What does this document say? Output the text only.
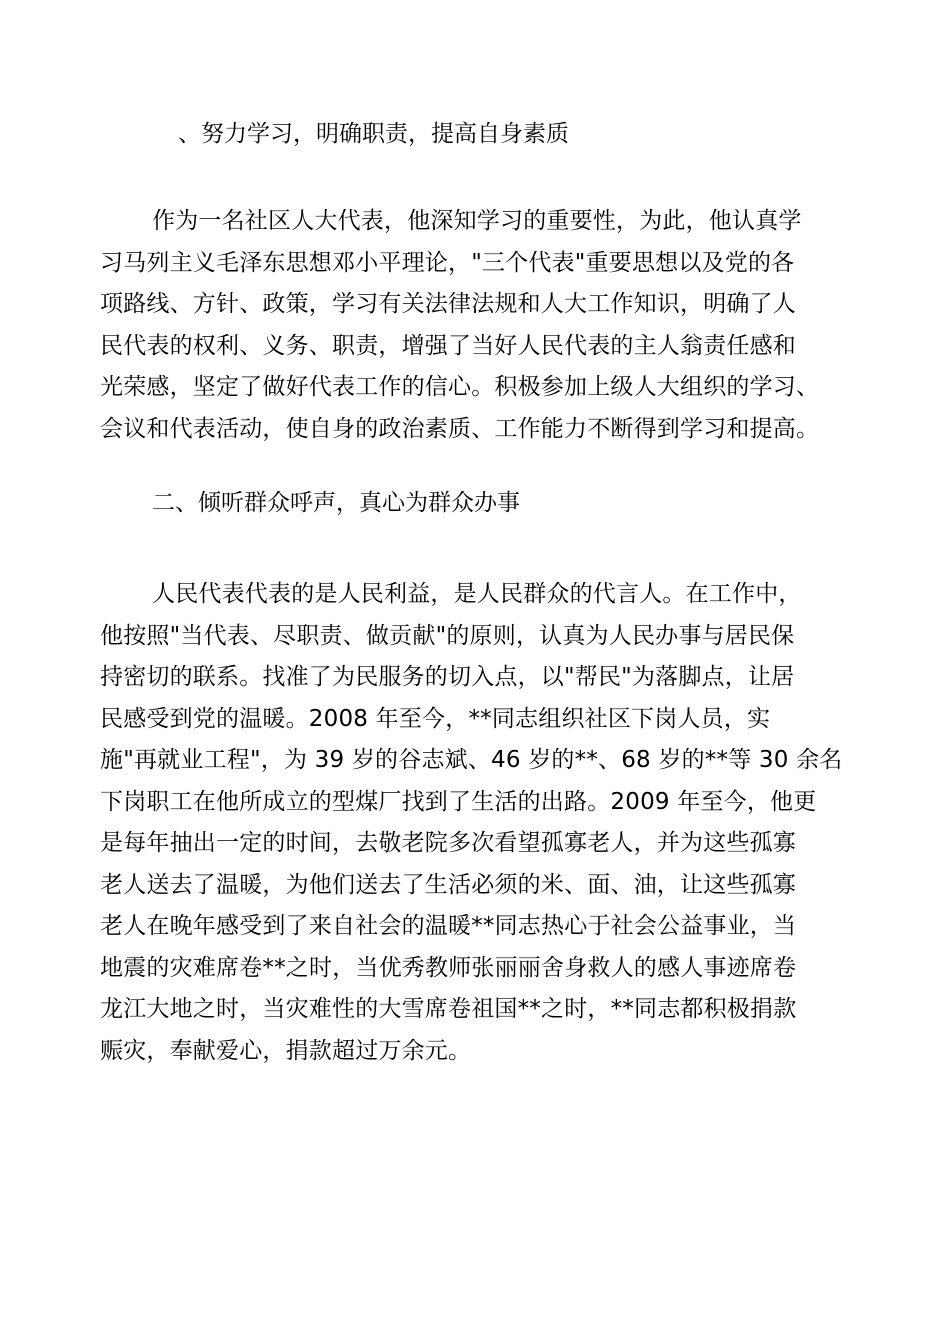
、努力学习，明确职责，提高自身素质
作为一名社区人大代表，他深知学习的重要性，为此，他认真学
习马列主义毛泽东思想邓小平理论，"三个代表"重要思想以及党的各
项路线、方针、政策，学习有关法律法规和人大工作知识，明确了人
民代表的权利、义务、职责，增强了当好人民代表的主人翁责任感和
光荣感，坚定了做好代表工作的信心。积极参加上级人大组织的学习、
会议和代表活动，使自身的政治素质、工作能力不断得到学习和提高。
二、倾听群众呼声，真心为群众办事
人民代表代表的是人民利益，是人民群众的代言人。在工作中，
他按照"当代表、尽职责、做贡献"的原则，认真为人民办事与居民保
持密切的联系。找准了为民服务的切入点，以"帮民"为落脚点，让居
民感受到党的温暖。2008 年至今，**同志组织社区下岗人员，实
施"再就业工程"，为 39 岁的谷志斌、46 岁的**、68 岁的**等 30 余名
下岗职工在他所成立的型煤厂找到了生活的出路。2009 年至今，他更
是每年抽出一定的时间，去敬老院多次看望孤寡老人，并为这些孤寡
老人送去了温暖，为他们送去了生活必须的米、面、油，让这些孤寡
老人在晚年感受到了来自社会的温暖**同志热心于社会公益事业，当
地震的灾难席卷**之时，当优秀教师张丽丽舍身救人的感人事迹席卷
龙江大地之时，当灾难性的大雪席卷祖国**之时，**同志都积极捐款
赈灾，奉献爱心，捐款超过万余元。
